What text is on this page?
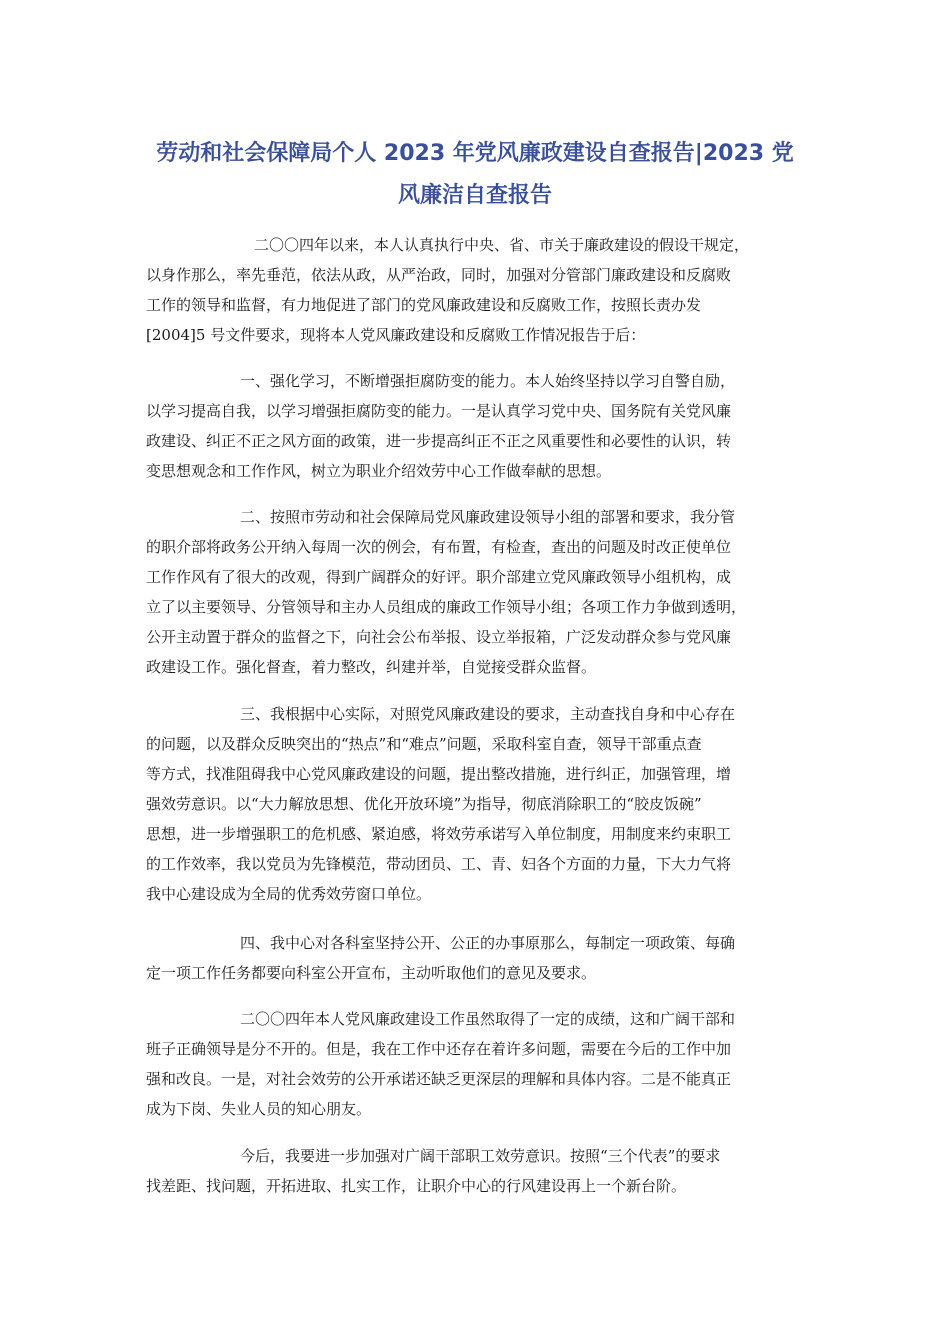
劳动和社会保障局个人 2023 年党风廉政建设自查报告|2023 党
风廉洁自查报告
二〇〇四年以来，本人认真执行中央、省、市关于廉政建设的假设干规定，
以身作那么，率先垂范，依法从政，从严治政，同时，加强对分管部门廉政建设和反腐败
工作的领导和监督，有力地促进了部门的党风廉政建设和反腐败工作，按照长责办发
[2004]5 号文件要求，现将本人党风廉政建设和反腐败工作情况报告于后：
一、强化学习，不断增强拒腐防变的能力。本人始终坚持以学习自警自励，
以学习提高自我，以学习增强拒腐防变的能力。一是认真学习党中央、国务院有关党风廉
政建设、纠正不正之风方面的政策，进一步提高纠正不正之风重要性和必要性的认识，转
变思想观念和工作作风，树立为职业介绍效劳中心工作做奉献的思想。
二、按照市劳动和社会保障局党风廉政建设领导小组的部署和要求，我分管
的职介部将政务公开纳入每周一次的例会，有布置，有检查，查出的问题及时改正使单位
工作作风有了很大的改观，得到广阔群众的好评。职介部建立党风廉政领导小组机构，成
立了以主要领导、分管领导和主办人员组成的廉政工作领导小组；各项工作力争做到透明，
公开主动置于群众的监督之下，向社会公布举报、设立举报箱，广泛发动群众参与党风廉
政建设工作。强化督查，着力整改，纠建并举，自觉接受群众监督。
三、我根据中心实际，对照党风廉政建设的要求，主动查找自身和中心存在
的问题，以及群众反映突出的“热点”和“难点”问题，采取科室自查，领导干部重点查
等方式，找准阻碍我中心党风廉政建设的问题，提出整改措施，进行纠正，加强管理，增
强效劳意识。以“大力解放思想、优化开放环境”为指导，彻底消除职工的“胶皮饭碗”
思想，进一步增强职工的危机感、紧迫感，将效劳承诺写入单位制度，用制度来约束职工
的工作效率，我以党员为先锋模范，带动团员、工、青、妇各个方面的力量，下大力气将
我中心建设成为全局的优秀效劳窗口单位。
四、我中心对各科室坚持公开、公正的办事原那么，每制定一项政策、每确
定一项工作任务都要向科室公开宣布，主动听取他们的意见及要求。
二〇〇四年本人党风廉政建设工作虽然取得了一定的成绩，这和广阔干部和
班子正确领导是分不开的。但是，我在工作中还存在着许多问题，需要在今后的工作中加
强和改良。一是，对社会效劳的公开承诺还缺乏更深层的理解和具体内容。二是不能真正
成为下岗、失业人员的知心朋友。
今后，我要进一步加强对广阔干部职工效劳意识。按照“三个代表”的要求
找差距、找问题，开拓进取、扎实工作，让职介中心的行风建设再上一个新台阶。
